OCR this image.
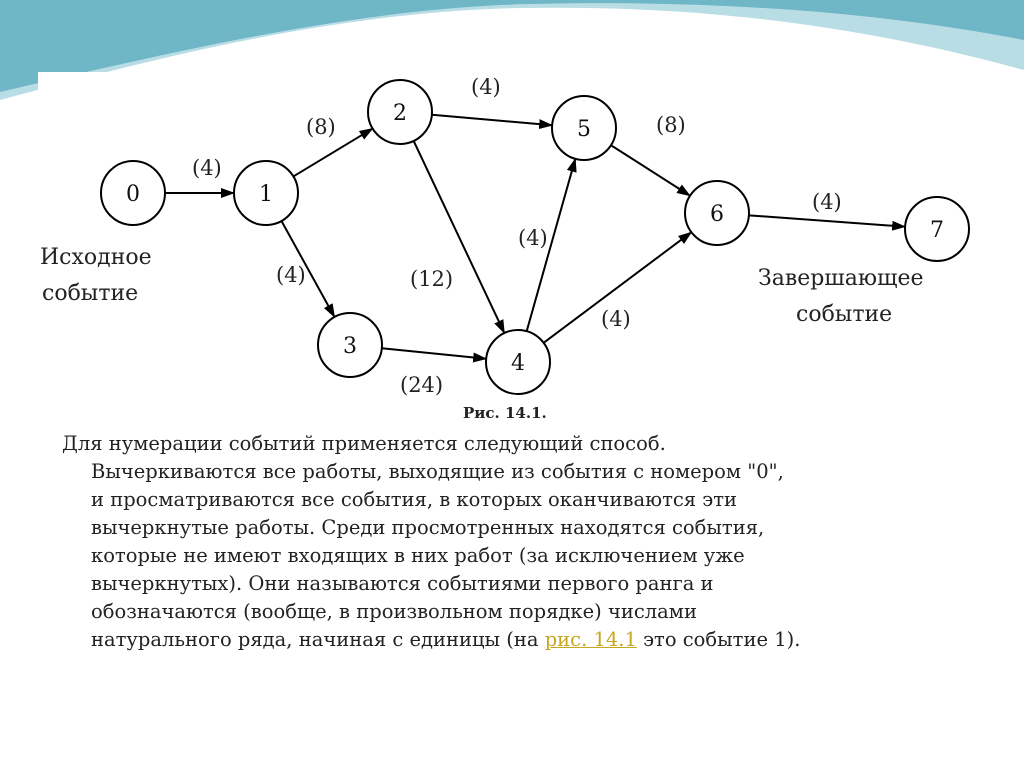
(4)
(8)
(4)
(4)
(12)
(24)
(4)
(4)
(8)
(4)
0	1
2
3
4
5
6
7
Исходное
событие
Завершающее
событие
Рис. 14.1.
Для нумерации событий применяется следующий способ.
Вычеркиваются все работы, выходящие из события с номером "0",
и просматриваются все события, в которых оканчиваются эти
вычеркнутые работы. Среди просмотренных находятся события,
которые не имеют входящих в них работ (за исключением уже
вычеркнутых). Они называются событиями первого ранга и
обозначаются (вообще, в произвольном порядке) числами
натурального ряда, начиная с единицы (на рис. 14.1 это событие 1).
